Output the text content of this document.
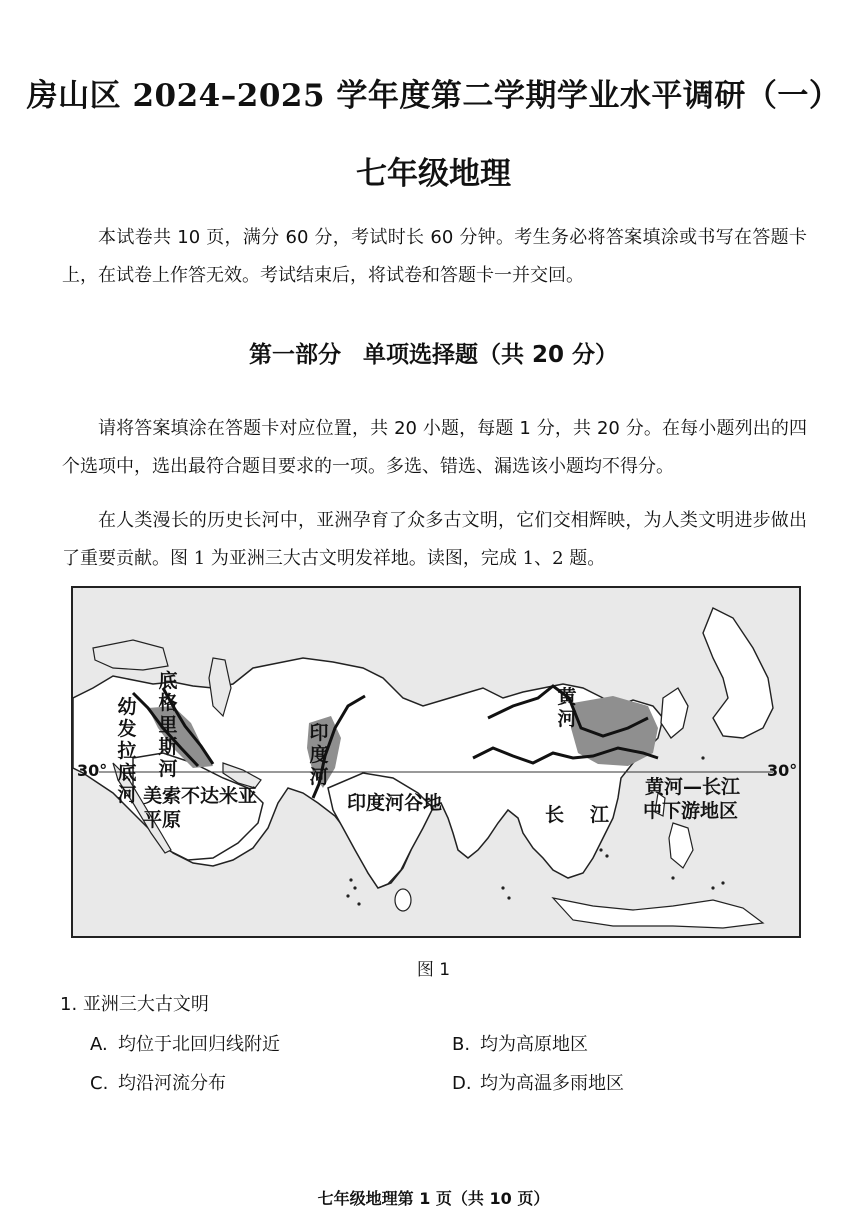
房山区 2024–2025 学年度第二学期学业水平调研（一）
七年级地理
本试卷共 10 页，满分 60 分，考试时长 60 分钟。考生务必将答案填涂或书写在答题卡上，在试卷上作答无效。考试结束后，将试卷和答题卡一并交回。
第一部分 单项选择题（共 20 分）
请将答案填涂在答题卡对应位置，共 20 小题，每题 1 分，共 20 分。在每小题列出的四个选项中，选出最符合题目要求的一项。多选、错选、漏选该小题均不得分。
在人类漫长的历史长河中，亚洲孕育了众多古文明，它们交相辉映，为人类文明进步做出了重要贡献。图 1 为亚洲三大古文明发祥地。读图，完成 1、2 题。
幼发拉底河
底格里斯河
30°	30°
美索不达米亚平原
印度河
印度河谷地
黄河
长江
黄河—长江
中下游地区
图 1
1. 亚洲三大古文明
A. 均位于北回归线附近	B. 均为高原地区
C. 均沿河流分布	D. 均为高温多雨地区
七年级地理第 1 页（共 10 页）
